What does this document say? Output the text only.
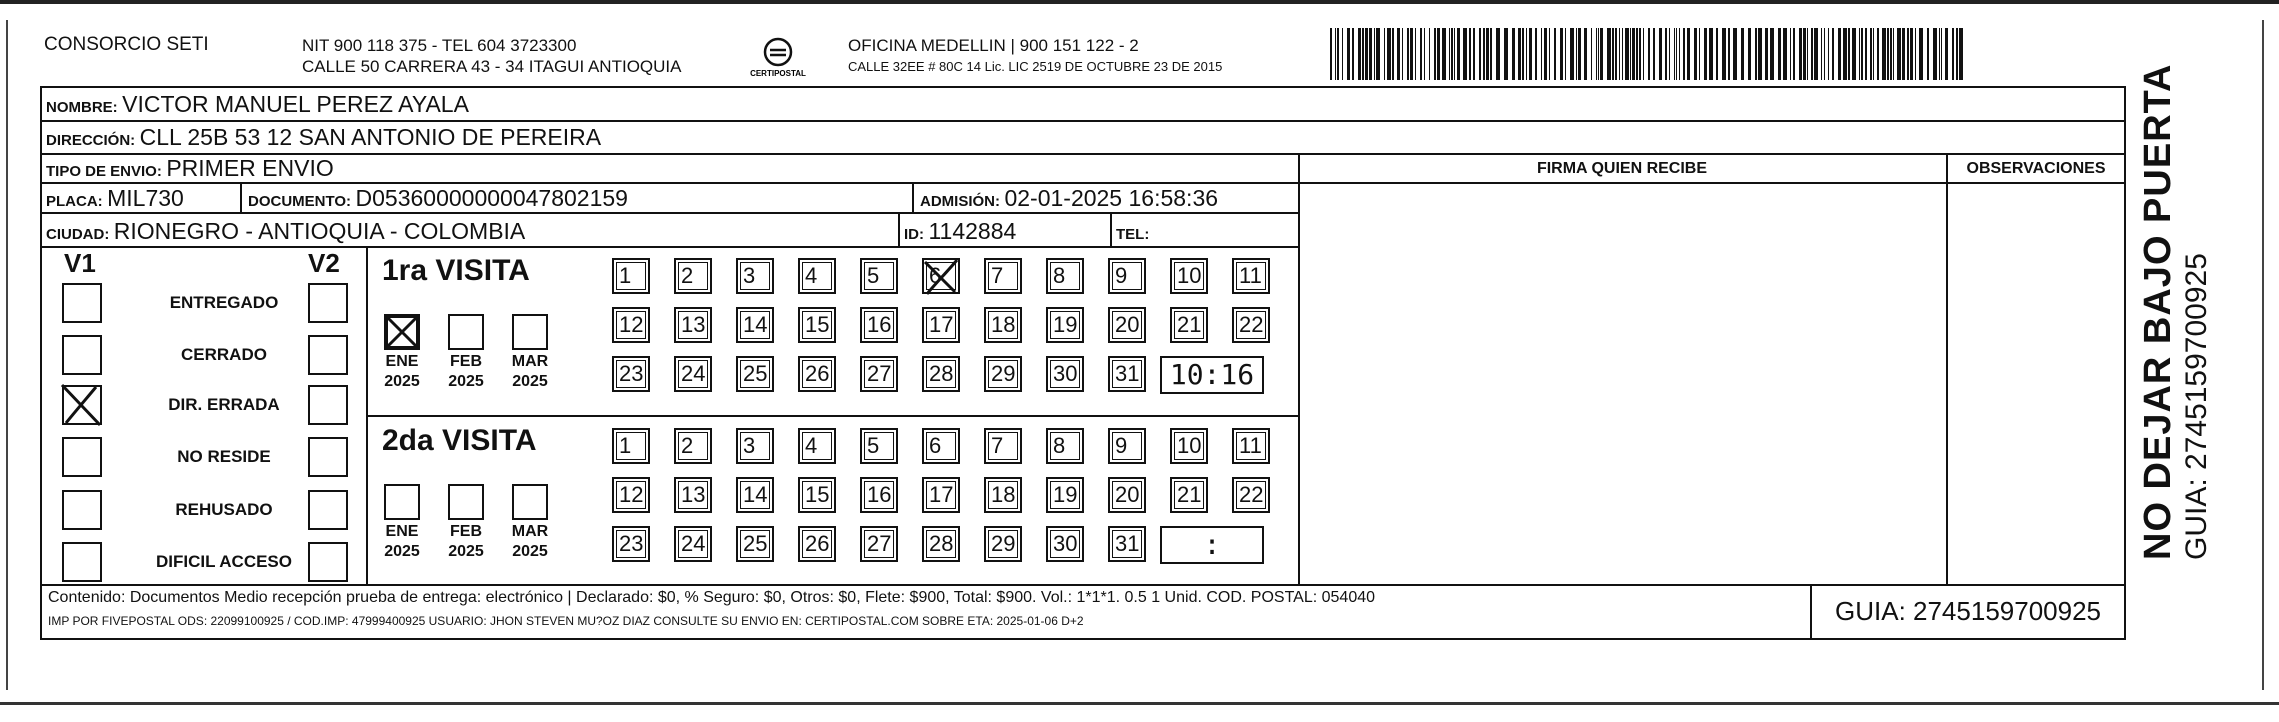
CONSORCIO SETI	NIT 900 118 375 - TEL 604 3723300
CALLE 50 CARRERA 43 - 34 ITAGUI ANTIOQUIA	CERTIPOSTAL
OFICINA MEDELLIN | 900 151 122 - 2
CALLE 32EE # 80C 14 Lic. LIC 2519 DE OCTUBRE 23 DE 2015
NOMBRE: VICTOR MANUEL PEREZ AYALA
DIRECCIÓN: CLL 25B 53 12 SAN ANTONIO DE PEREIRA
TIPO DE ENVIO: PRIMER ENVIO
PLACA: MIL730	DOCUMENTO: D05360000000047802159	ADMISIÓN: 02-01-2025 16:58:36
CIUDAD: RIONEGRO - ANTIOQUIA - COLOMBIA	ID: 1142884	TEL:
FIRMA QUIEN RECIBE	OBSERVACIONES
V1	V2
ENTREGADO
CERRADO
DIR. ERRADA
NO RESIDE
REHUSADO
DIFICIL ACCESO
1ra VISITA
ENE
2025
FEB
2025
MAR
2025
1	2	3	4	5	6	7	8	9	10	11
12	13	14	15	16	17	18	19	20	21	22
23	24	25	26	27	28	29	30	31	10:16
2da VISITA
ENE
2025
FEB
2025
MAR
2025
1	2	3	4	5	6	7	8	9	10	11
12	13	14	15	16	17	18	19	20	21	22
23	24	25	26	27	28	29	30	31	:
Contenido: Documentos Medio recepción prueba de entrega: electrónico | Declarado: $0, % Seguro: $0, Otros: $0, Flete: $900, Total: $900. Vol.: 1*1*1. 0.5 1 Unid. COD. POSTAL: 054040
IMP POR FIVEPOSTAL ODS: 22099100925 / COD.IMP: 47999400925 USUARIO: JHON STEVEN MU?OZ DIAZ CONSULTE SU ENVIO EN: CERTIPOSTAL.COM SOBRE ETA: 2025-01-06 D+2	GUIA: 2745159700925
NO DEJAR BAJO PUERTA GUIA: 2745159700925
